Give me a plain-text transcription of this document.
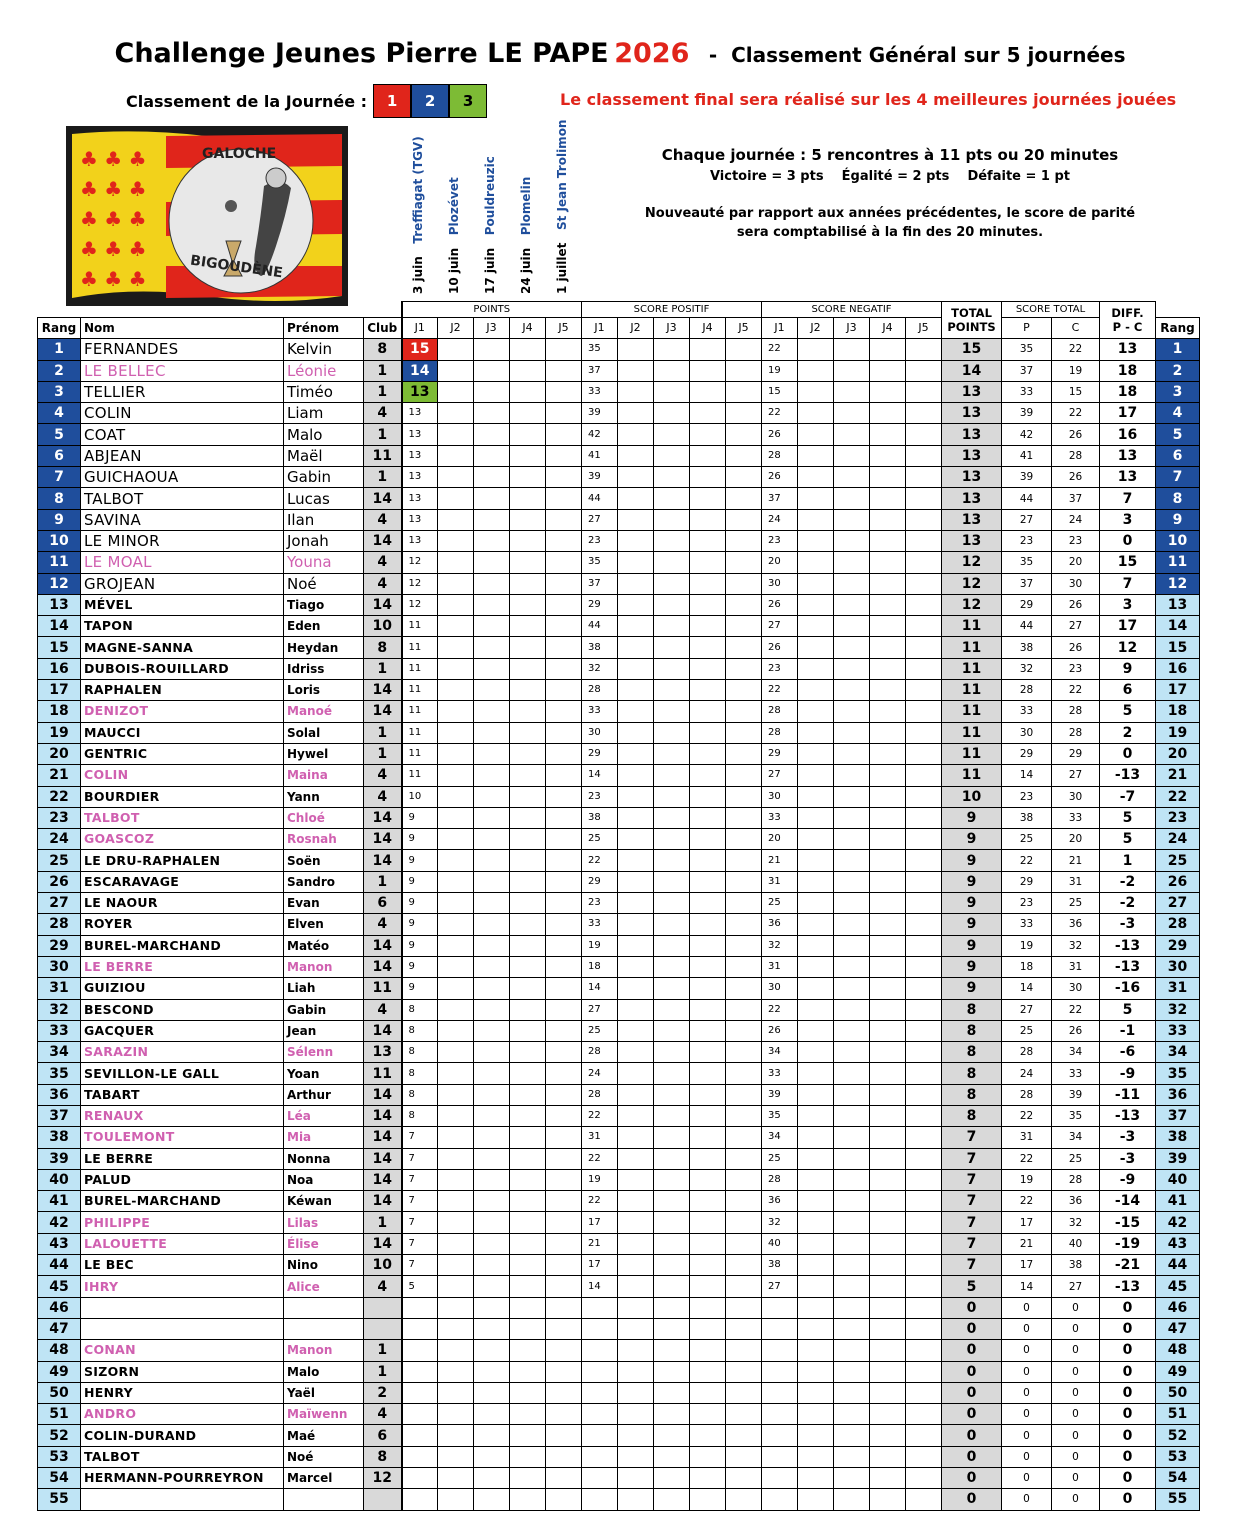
Challenge Jeunes Pierre LE PAPE 2026 - Classement Général sur 5 journées
Classement de la Journée :	1	2	3	Le classement final sera réalisé sur les 4 meilleures journées jouées
♣ ♣ ♣
♣ ♣ ♣
♣ ♣ ♣
♣ ♣ ♣
♣ ♣ ♣
GALOCHE
BIGOUDÈNE	3 juin   Treffiagat (TGV)
10 juin   Plozévet
17 juin   Pouldreuzic
24 juin   Plomelin
1 juillet   St Jean Trolimon	Chaque journée : 5 rencontres à 11 pts ou 20 minutes
Victoire = 3 pts    Égalité = 2 pts    Défaite = 1 pt
Nouveauté par rapport aux années précédentes, le score de parité
sera comptabilisé à la fin des 20 minutes.
				POINTS					SCORE POSITIF					SCORE NEGATIF					TOTAL
POINTS	SCORE TOTAL		DIFF.
P - C	
Rang	Nom	Prénom	Club	J1	J2	J3	J4	J5	J1	J2	J3	J4	J5	J1	J2	J3	J4	J5		P	C		Rang
1	FERNANDES	Kelvin	8	15					35					22					15	35	22	13	1
2	LE BELLEC	Léonie	1	14					37					19					14	37	19	18	2
3	TELLIER	Timéo	1	13					33					15					13	33	15	18	3
4	COLIN	Liam	4	13					39					22					13	39	22	17	4
5	COAT	Malo	1	13					42					26					13	42	26	16	5
6	ABJEAN	Maël	11	13					41					28					13	41	28	13	6
7	GUICHAOUA	Gabin	1	13					39					26					13	39	26	13	7
8	TALBOT	Lucas	14	13					44					37					13	44	37	7	8
9	SAVINA	Ilan	4	13					27					24					13	27	24	3	9
10	LE MINOR	Jonah	14	13					23					23					13	23	23	0	10
11	LE MOAL	Youna	4	12					35					20					12	35	20	15	11
12	GROJEAN	Noé	4	12					37					30					12	37	30	7	12
13	MÉVEL	Tiago	14	12					29					26					12	29	26	3	13
14	TAPON	Eden	10	11					44					27					11	44	27	17	14
15	MAGNE-SANNA	Heydan	8	11					38					26					11	38	26	12	15
16	DUBOIS-ROUILLARD	Idriss	1	11					32					23					11	32	23	9	16
17	RAPHALEN	Loris	14	11					28					22					11	28	22	6	17
18	DENIZOT	Manoé	14	11					33					28					11	33	28	5	18
19	MAUCCI	Solal	1	11					30					28					11	30	28	2	19
20	GENTRIC	Hywel	1	11					29					29					11	29	29	0	20
21	COLIN	Maina	4	11					14					27					11	14	27	-13	21
22	BOURDIER	Yann	4	10					23					30					10	23	30	-7	22
23	TALBOT	Chloé	14	9					38					33					9	38	33	5	23
24	GOASCOZ	Rosnah	14	9					25					20					9	25	20	5	24
25	LE DRU-RAPHALEN	Soën	14	9					22					21					9	22	21	1	25
26	ESCARAVAGE	Sandro	1	9					29					31					9	29	31	-2	26
27	LE NAOUR	Evan	6	9					23					25					9	23	25	-2	27
28	ROYER	Elven	4	9					33					36					9	33	36	-3	28
29	BUREL-MARCHAND	Matéo	14	9					19					32					9	19	32	-13	29
30	LE BERRE	Manon	14	9					18					31					9	18	31	-13	30
31	GUIZIOU	Liah	11	9					14					30					9	14	30	-16	31
32	BESCOND	Gabin	4	8					27					22					8	27	22	5	32
33	GACQUER	Jean	14	8					25					26					8	25	26	-1	33
34	SARAZIN	Sélenn	13	8					28					34					8	28	34	-6	34
35	SEVILLON-LE GALL	Yoan	11	8					24					33					8	24	33	-9	35
36	TABART	Arthur	14	8					28					39					8	28	39	-11	36
37	RENAUX	Léa	14	8					22					35					8	22	35	-13	37
38	TOULEMONT	Mia	14	7					31					34					7	31	34	-3	38
39	LE BERRE	Nonna	14	7					22					25					7	22	25	-3	39
40	PALUD	Noa	14	7					19					28					7	19	28	-9	40
41	BUREL-MARCHAND	Kéwan	14	7					22					36					7	22	36	-14	41
42	PHILIPPE	Lilas	1	7					17					32					7	17	32	-15	42
43	LALOUETTE	Élise	14	7					21					40					7	21	40	-19	43
44	LE BEC	Nino	10	7					17					38					7	17	38	-21	44
45	IHRY	Alice	4	5					14					27					5	14	27	-13	45
46																			0	0	0	0	46
47																			0	0	0	0	47
48	CONAN	Manon	1																0	0	0	0	48
49	SIZORN	Malo	1																0	0	0	0	49
50	HENRY	Yaël	2																0	0	0	0	50
51	ANDRO	Maïwenn	4																0	0	0	0	51
52	COLIN-DURAND	Maé	6																0	0	0	0	52
53	TALBOT	Noé	8																0	0	0	0	53
54	HERMANN-POURREYRON	Marcel	12																0	0	0	0	54
55																			0	0	0	0	55
